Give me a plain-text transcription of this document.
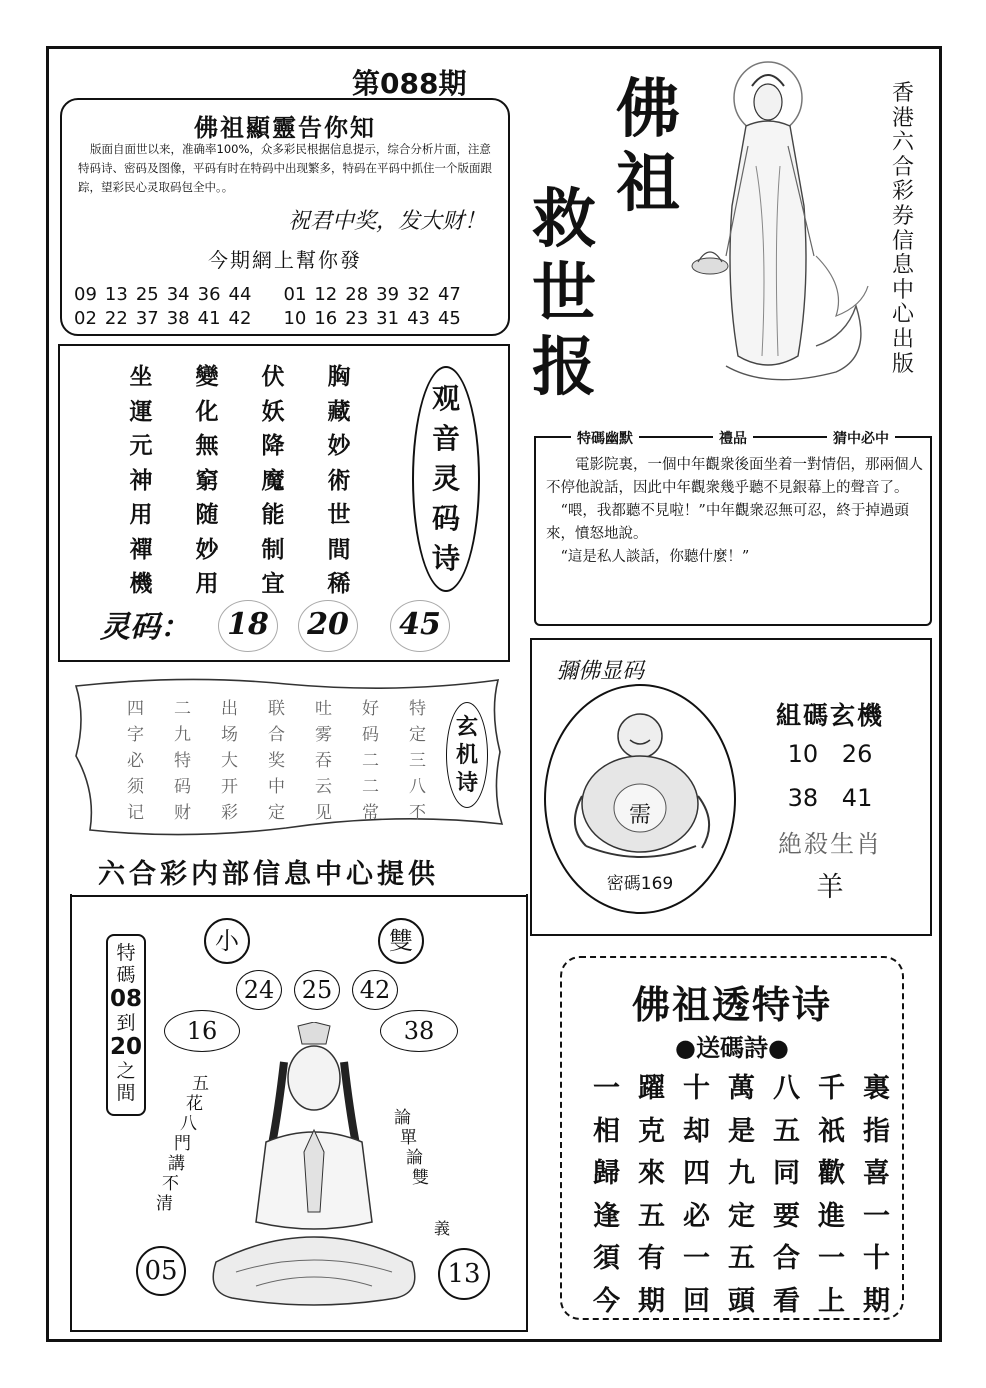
第088期
佛祖顯靈告你知
版面自面世以来，准确率100%，众多彩民根据信息提示，综合分析片面，注意特码诗、密码及图像，平码有时在特码中出现繁多，特码在平码中抓住一个版面跟踪，望彩民心灵取码包全中。。
祝君中奖，发大财！
今期網上幫你發
09 13 25 34 36 44 01 12 28 39 32 47
02 22 37 38 41 42 10 16 23 31 43 45
佛
祖
救
世
报
香
港
六
合
彩
券
信
息
中
心
出
版
坐	變	伏	胸
運	化	妖	藏
元	無	降	妙
神	窮	魔	術
用	随	能	世
禪	妙	制	間
機	用	宜	稀
观
音
灵
码
诗
灵码：	18	20	45
特碼幽默	禮品	猜中必中
　　電影院裏，一個中年觀衆後面坐着一對情侶，那兩個人不停他說話，因此中年觀衆幾乎聽不見銀幕上的聲音了。
　“喂，我都聽不見啦！”中年觀衆忍無可忍，終于掉過頭來，憤怒地說。
　“這是私人談話，你聽什麼！”
四	二	出	联	吐	好	特
字	九	场	合	雾	码	定
必	特	大	奖	吞	二	三
须	码	开	中	云	二	八
记	财	彩	定	见	常	不
玄
机
诗
六合彩内部信息中心提供
彌佛显码
需
密碼169
組碼玄機
10 26
38 41
絶殺生肖
羊
小	雙
24	25	42
16	38
05	13
特
碼
08
到
20
之
間	五
花
八
門
講
不
清
論
單
論
雙
義
佛祖透特诗
●送碼詩●
一 躍 十 萬 八 千 裏
相 克 却 是 五 祇 指
歸 來 四 九 同 歡 喜
逢 五 必 定 要 進 一
須 有 一 五 合 一 十
今 期 回 頭 看 上 期
